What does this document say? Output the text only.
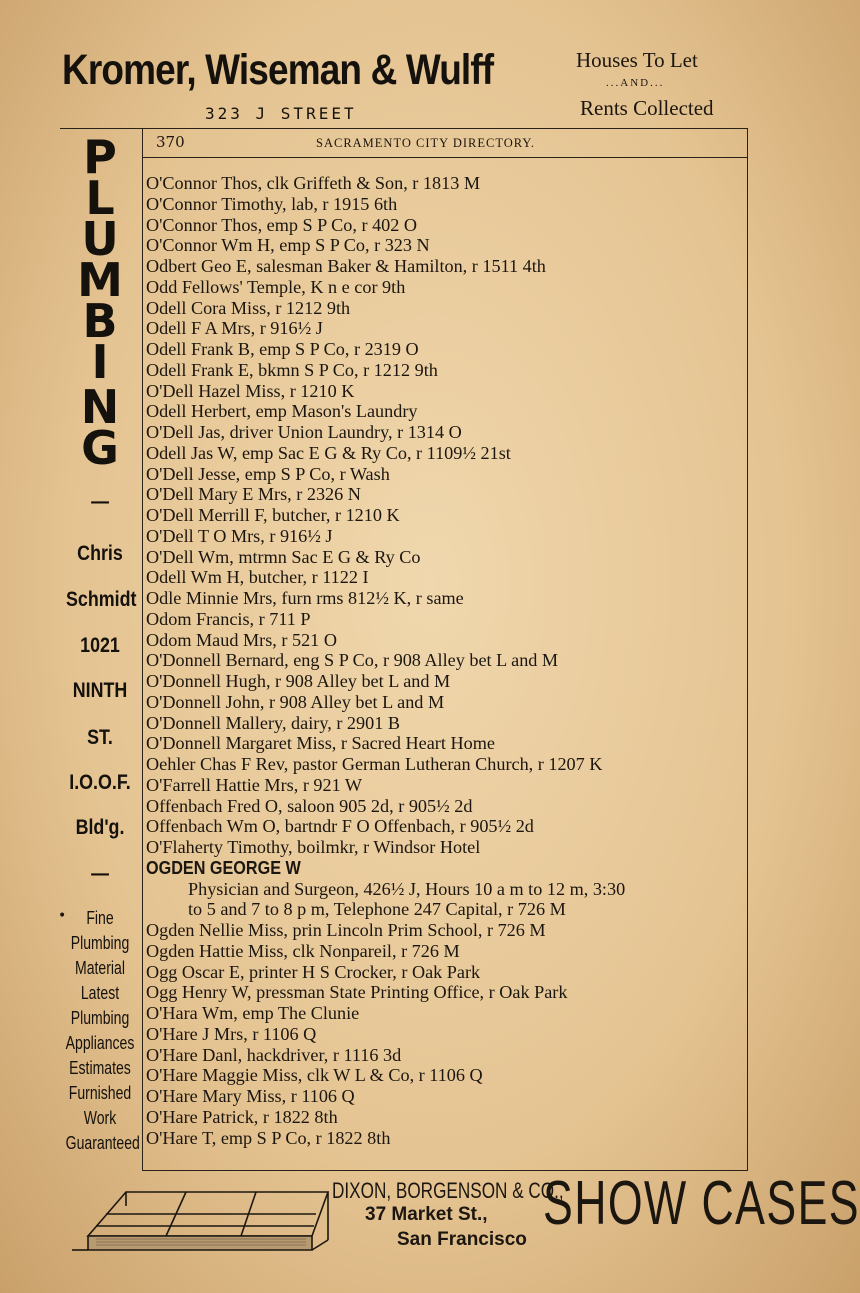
Kromer, Wiseman & Wulff
323 J STREET
Houses To Let
...AND...
Rents Collected
370	SACRAMENTO CITY DIRECTORY.
P
L
U
M
B
I
N
G
—
Chris
Schmidt
1021
NINTH
ST.
I.O.O.F.
Bld'g.
—
•	Fine
Plumbing
Material
Latest
Plumbing
Appliances
Estimates
Furnished
Work
Guaranteed
O'Connor Thos, clk Griffeth & Son, r 1813 M
O'Connor Timothy, lab, r 1915 6th
O'Connor Thos, emp S P Co, r 402 O
O'Connor Wm H, emp S P Co, r 323 N
Odbert Geo E, salesman Baker & Hamilton, r 1511 4th
Odd Fellows' Temple, K n e cor 9th
Odell Cora Miss, r 1212 9th
Odell F A Mrs, r 916½ J
Odell Frank B, emp S P Co, r 2319 O
Odell Frank E, bkmn S P Co, r 1212 9th
O'Dell Hazel Miss, r 1210 K
Odell Herbert, emp Mason's Laundry
O'Dell Jas, driver Union Laundry, r 1314 O
Odell Jas W, emp Sac E G & Ry Co, r 1109½ 21st
O'Dell Jesse, emp S P Co, r Wash
O'Dell Mary E Mrs, r 2326 N
O'Dell Merrill F, butcher, r 1210 K
O'Dell T O Mrs, r 916½ J
O'Dell Wm, mtrmn Sac E G & Ry Co
Odell Wm H, butcher, r 1122 I
Odle Minnie Mrs, furn rms 812½ K, r same
Odom Francis, r 711 P
Odom Maud Mrs, r 521 O
O'Donnell Bernard, eng S P Co, r 908 Alley bet L and M
O'Donnell Hugh, r 908 Alley bet L and M
O'Donnell John, r 908 Alley bet L and M
O'Donnell Mallery, dairy, r 2901 B
O'Donnell Margaret Miss, r Sacred Heart Home
Oehler Chas F Rev, pastor German Lutheran Church, r 1207 K
O'Farrell Hattie Mrs, r 921 W
Offenbach Fred O, saloon 905 2d, r 905½ 2d
Offenbach Wm O, bartndr F O Offenbach, r 905½ 2d
O'Flaherty Timothy, boilmkr, r Windsor Hotel
OGDEN GEORGE W
Physician and Surgeon, 426½ J, Hours 10 a m to 12 m, 3:30
to 5 and 7 to 8 p m, Telephone 247 Capital, r 726 M
Ogden Nellie Miss, prin Lincoln Prim School, r 726 M
Ogden Hattie Miss, clk Nonpareil, r 726 M
Ogg Oscar E, printer H S Crocker, r Oak Park
Ogg Henry W, pressman State Printing Office, r Oak Park
O'Hara Wm, emp The Clunie
O'Hare J Mrs, r 1106 Q
O'Hare Danl, hackdriver, r 1116 3d
O'Hare Maggie Miss, clk W L & Co, r 1106 Q
O'Hare Mary Miss, r 1106 Q
O'Hare Patrick, r 1822 8th
O'Hare T, emp S P Co, r 1822 8th
DIXON, BORGENSON & CO.,
37 Market St.,
San Francisco
SHOW CASES
